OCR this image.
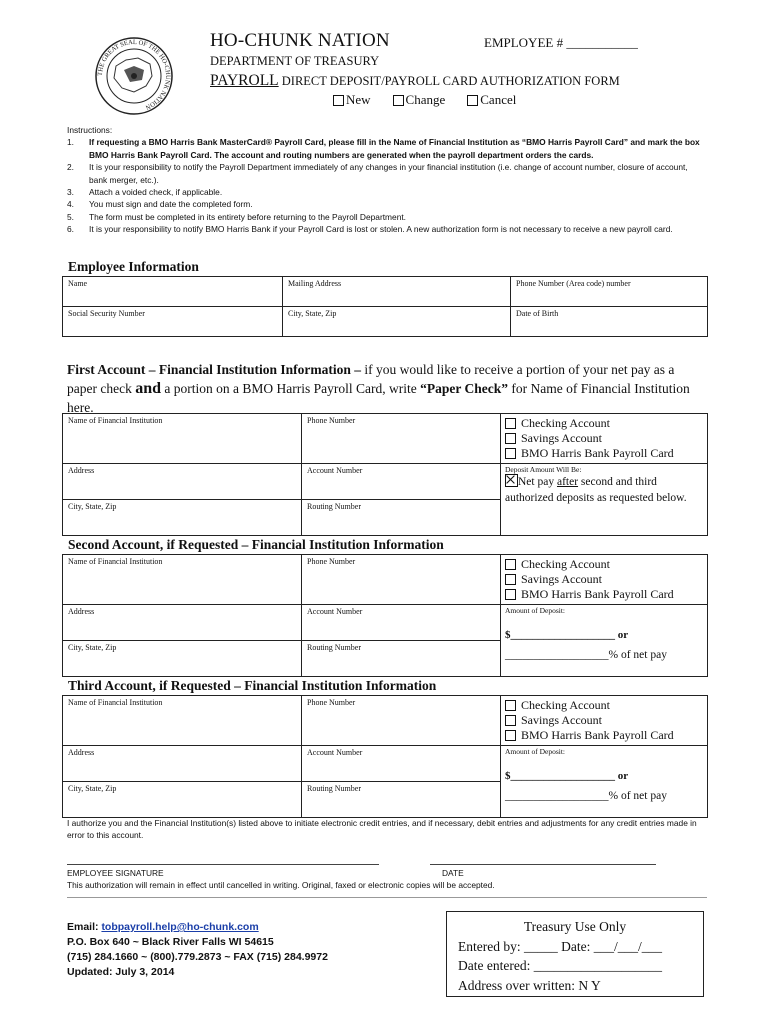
THE GREAT SEAL OF THE HO-CHUNK NATION
HO-CHUNK NATION	EMPLOYEE # ___________
DEPARTMENT OF TREASURY
PAYROLL DIRECT DEPOSIT/PAYROLL CARD AUTHORIZATION FORM
New	Change	Cancel
Instructions:
1.	If requesting a BMO Harris Bank MasterCard® Payroll Card, please fill in the Name of Financial Institution as “BMO Harris Payroll Card” and mark the box BMO Harris Bank Payroll Card. The account and routing numbers are generated when the payroll department orders the cards.
2.	It is your responsibility to notify the Payroll Department immediately of any changes in your financial institution (i.e. change of account number, closure of account, bank merger, etc.).
3.	Attach a voided check, if applicable.
4.	You must sign and date the completed form.
5.	The form must be completed in its entirety before returning to the Payroll Department.
6.	It is your responsibility to notify BMO Harris Bank if your Payroll Card is lost or stolen. A new authorization form is not necessary to receive a new payroll card.
Employee Information
Name	Mailing Address	Phone Number (Area code) number
Social Security Number	City, State, Zip	Date of Birth
First Account – Financial Institution Information – if you would like to receive a portion of your net pay as a paper check and a portion on a BMO Harris Payroll Card, write “Paper Check” for Name of Financial Institution here.
Name of Financial Institution	Phone Number	Checking Account
Savings Account
BMO Harris Bank Payroll Card

Address	Account Number	Deposit Amount Will Be:
Net pay after second and third authorized deposits as requested below.

City, State, Zip	Routing Number	
Second Account, if Requested – Financial Institution Information
Name of Financial Institution	Phone Number	Checking Account
Savings Account
BMO Harris Bank Payroll Card

Address	Account Number	Amount of Deposit:
$___________________ or
__________________% of net pay

City, State, Zip	Routing Number	
Third Account, if Requested – Financial Institution Information
Name of Financial Institution	Phone Number	Checking Account
Savings Account
BMO Harris Bank Payroll Card

Address	Account Number	Amount of Deposit:
$___________________ or
__________________% of net pay

City, State, Zip	Routing Number	
I authorize you and the Financial Institution(s) listed above to initiate electronic credit entries, and if necessary, debit entries and adjustments for any credit entries made in error to this account.
EMPLOYEE SIGNATURE	DATE
This authorization will remain in effect until cancelled in writing. Original, faxed or electronic copies will be accepted.
Email: tobpayroll.help@ho-chunk.com
P.O. Box 640 ~ Black River Falls WI 54615
(715) 284.1660 ~ (800).779.2873 ~ FAX (715) 284.9972
Updated: July 3, 2014
Treasury Use Only
Entered by: _____ Date: ___/___/___
Date entered: ___________________
Address over written: N Y
